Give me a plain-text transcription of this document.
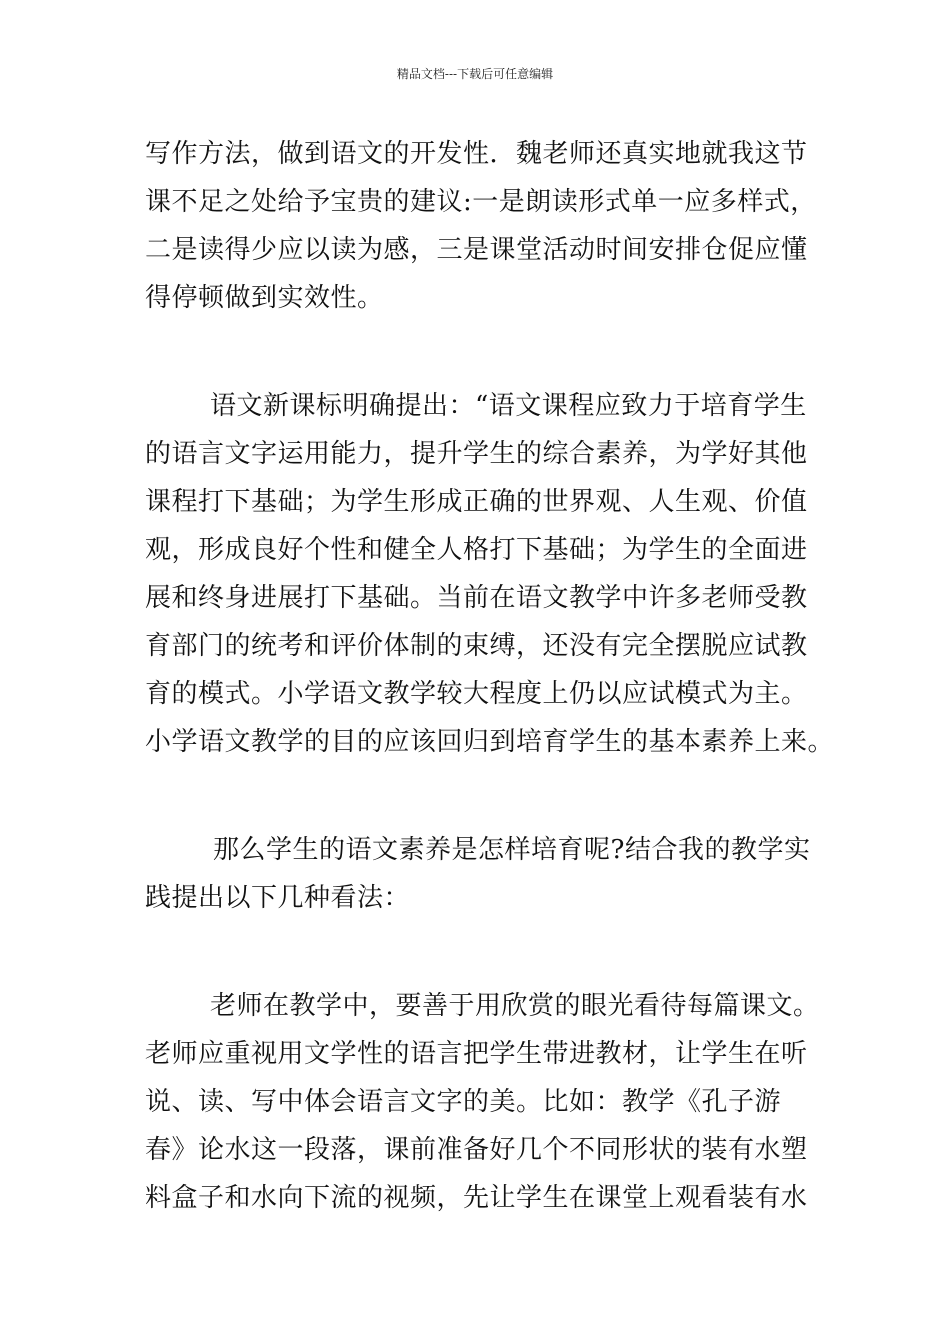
精品文档---下载后可任意编辑

写作方法，做到语文的开发性．魏老师还真实地就我这节
课不足之处给予宝贵的建议:一是朗读形式单一应多样式，
二是读得少应以读为感，三是课堂活动时间安排仓促应懂
得停顿做到实效性。

语文新课标明确提出：“语文课程应致力于培育学生
的语言文字运用能力，提升学生的综合素养，为学好其他
课程打下基础；为学生形成正确的世界观、人生观、价值
观，形成良好个性和健全人格打下基础；为学生的全面进
展和终身进展打下基础。当前在语文教学中许多老师受教
育部门的统考和评价体制的束缚，还没有完全摆脱应试教
育的模式。小学语文教学较大程度上仍以应试模式为主。
小学语文教学的目的应该回归到培育学生的基本素养上来。

那么学生的语文素养是怎样培育呢?结合我的教学实
践提出以下几种看法：

老师在教学中，要善于用欣赏的眼光看待每篇课文。
老师应重视用文学性的语言把学生带进教材，让学生在听
说、读、写中体会语言文字的美。比如：教学《孔子游
春》论水这一段落，课前准备好几个不同形状的装有水塑
料盒子和水向下流的视频，先让学生在课堂上观看装有水
